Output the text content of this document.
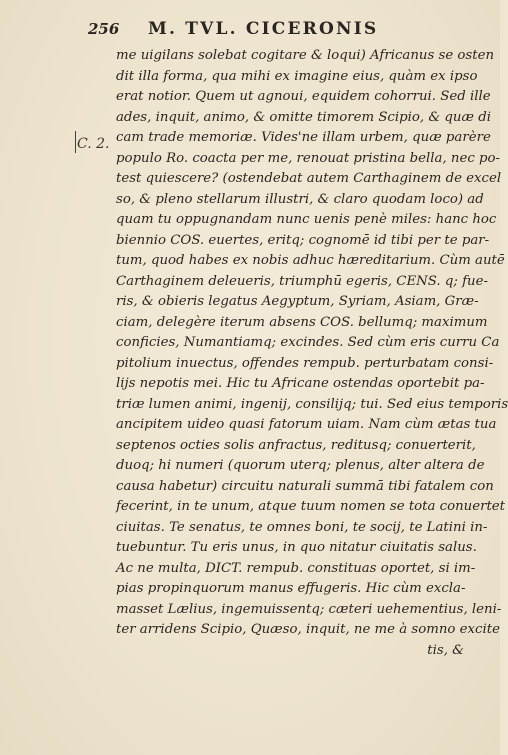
256 M. TVL. CICERONIS
C. 2.
me uigilans solebat cogitare & loqui) Africanus se osten
dit illa forma, qua mihi ex imagine eius, quàm ex ipso
erat notior. Quem ut agnoui, equidem cohorrui. Sed ille
ades, inquit, animo, & omitte timorem Scipio, & quæ di
cam trade memoriæ. Vides'ne illam urbem, quæ parère
populo Ro. coacta per me, renouat pristina bella, nec po-
test quiescere? (ostendebat autem Carthaginem de excel
so, & pleno stellarum illustri, & claro quodam loco) ad
quam tu oppugnandam nunc uenis penè miles: hanc hoc
biennio COS. euertes, eritq; cognomē id tibi per te par-
tum, quod habes ex nobis adhuc hæreditarium. Cùm autē
Carthaginem deleueris, triumphū egeris, CENS. q; fue-
ris, & obieris legatus Aegyptum, Syriam, Asiam, Græ-
ciam, delegère iterum absens COS. bellumq; maximum
conficies, Numantiamq; excindes. Sed cùm eris curru Ca
pitolium inuectus, offendes rempub. perturbatam consi-
lijs nepotis mei. Hic tu Africane ostendas oportebit pa-
triæ lumen animi, ingenij, consilijq; tui. Sed eius temporis
ancipitem uideo quasi fatorum uiam. Nam cùm ætas tua
septenos octies solis anfractus, reditusq; conuerterit,
duoq; hi numeri (quorum uterq; plenus, alter altera de
causa habetur) circuitu naturali summā tibi fatalem con
fecerint, in te unum, atque tuum nomen se tota conuertet
ciuitas. Te senatus, te omnes boni, te socij, te Latini in-
tuebuntur. Tu eris unus, in quo nitatur ciuitatis salus.
Ac ne multa, DICT. rempub. constituas oportet, si im-
pias propinquorum manus effugeris. Hic cùm excla-
masset Lælius, ingemuissentq; cæteri uehementius, leni-
ter arridens Scipio, Quæso, inquit, ne me à somno excite
tis, &
